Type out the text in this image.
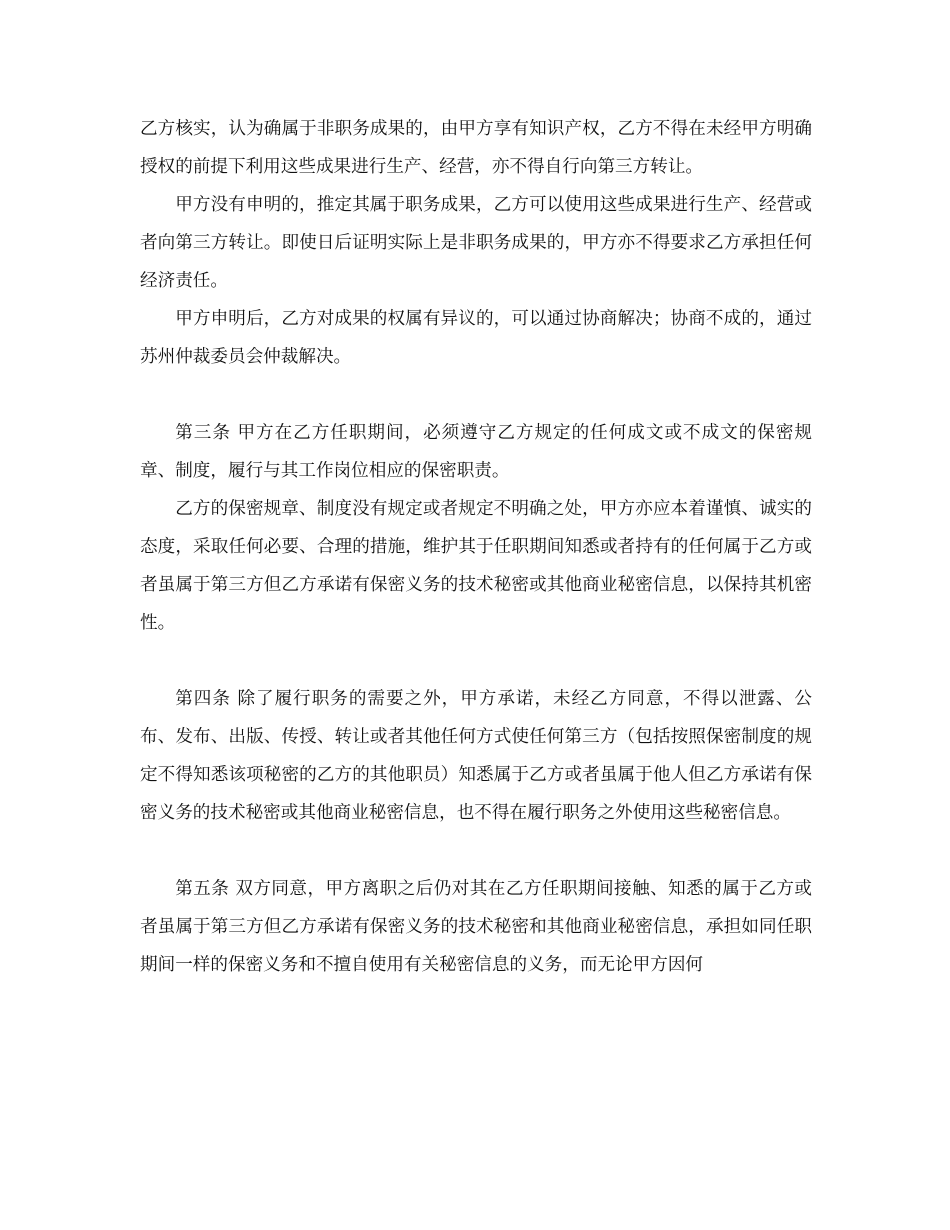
乙方核实，认为确属于非职务成果的，由甲方享有知识产权，乙方不得在未经甲方明确授权的前提下利用这些成果进行生产、经营，亦不得自行向第三方转让。

甲方没有申明的，推定其属于职务成果，乙方可以使用这些成果进行生产、经营或者向第三方转让。即使日后证明实际上是非职务成果的，甲方亦不得要求乙方承担任何经济责任。

甲方申明后，乙方对成果的权属有异议的，可以通过协商解决；协商不成的，通过苏州仲裁委员会仲裁解决。

第三条 甲方在乙方任职期间，必须遵守乙方规定的任何成文或不成文的保密规章、制度，履行与其工作岗位相应的保密职责。

乙方的保密规章、制度没有规定或者规定不明确之处，甲方亦应本着谨慎、诚实的态度，采取任何必要、合理的措施，维护其于任职期间知悉或者持有的任何属于乙方或者虽属于第三方但乙方承诺有保密义务的技术秘密或其他商业秘密信息，以保持其机密性。

第四条 除了履行职务的需要之外，甲方承诺，未经乙方同意，不得以泄露、公布、发布、出版、传授、转让或者其他任何方式使任何第三方（包括按照保密制度的规定不得知悉该项秘密的乙方的其他职员）知悉属于乙方或者虽属于他人但乙方承诺有保密义务的技术秘密或其他商业秘密信息，也不得在履行职务之外使用这些秘密信息。

第五条 双方同意，甲方离职之后仍对其在乙方任职期间接触、知悉的属于乙方或者虽属于第三方但乙方承诺有保密义务的技术秘密和其他商业秘密信息，承担如同任职期间一样的保密义务和不擅自使用有关秘密信息的义务，而无论甲方因何
